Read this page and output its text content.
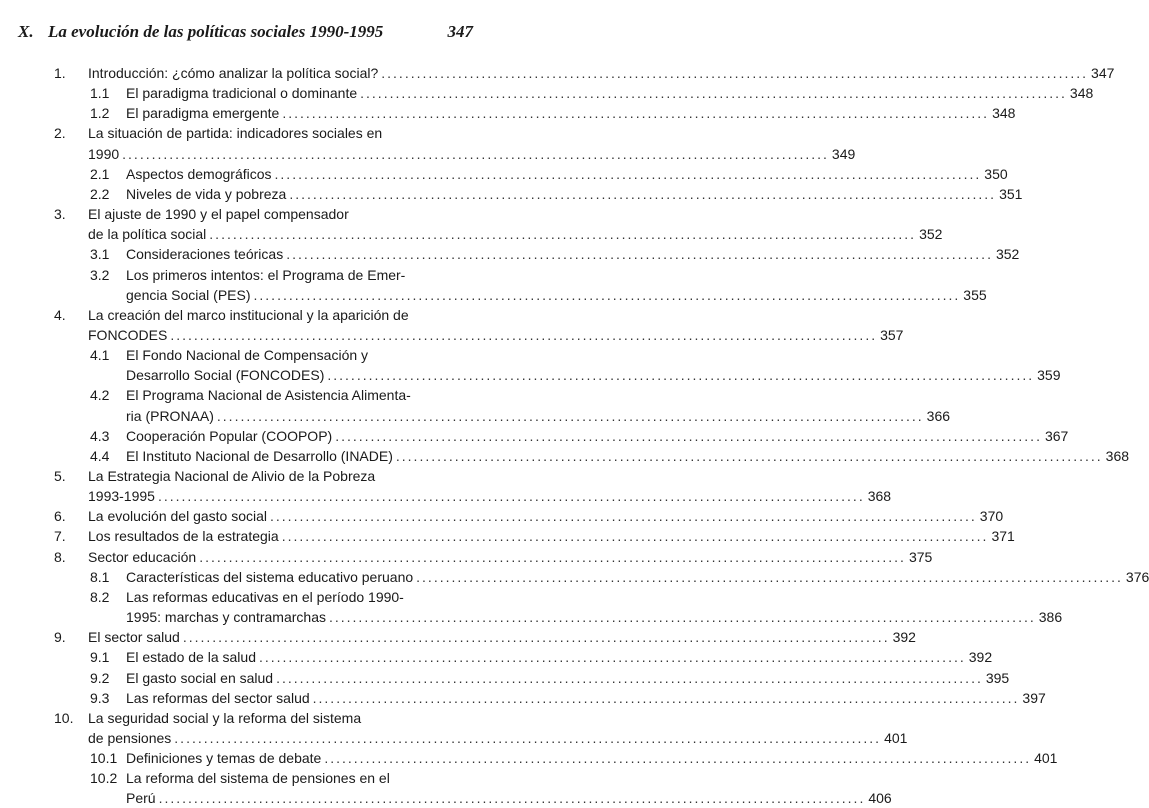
X. La evolución de las políticas sociales 1990-1995	347
1. Introducción: ¿cómo analizar la política social? ........................................................................................................................ 347
1.1 El paradigma tradicional o dominante ........................................................................................................................ 348
1.2 El paradigma emergente ........................................................................................................................ 348
2. La situación de partida: indicadores sociales en
1990 ........................................................................................................................ 349
2.1 Aspectos demográficos ........................................................................................................................ 350
2.2 Niveles de vida y pobreza ........................................................................................................................ 351
3. El ajuste de 1990 y el papel compensador
de la política social ........................................................................................................................ 352
3.1 Consideraciones teóricas ........................................................................................................................ 352
3.2 Los primeros intentos: el Programa de Emer-
gencia Social (PES) ........................................................................................................................ 355
4. La creación del marco institucional y la aparición de
FONCODES ........................................................................................................................ 357
4.1 El Fondo Nacional de Compensación y
Desarrollo Social (FONCODES) ........................................................................................................................ 359
4.2 El Programa Nacional de Asistencia Alimenta-
ria (PRONAA) ........................................................................................................................ 366
4.3 Cooperación Popular (COOPOP) ........................................................................................................................ 367
4.4 El Instituto Nacional de Desarrollo (INADE) ........................................................................................................................ 368
5. La Estrategia Nacional de Alivio de la Pobreza
1993-1995 ........................................................................................................................ 368
6. La evolución del gasto social ........................................................................................................................ 370
7. Los resultados de la estrategia ........................................................................................................................ 371
8. Sector educación ........................................................................................................................ 375
8.1 Características del sistema educativo peruano ........................................................................................................................ 376
8.2 Las reformas educativas en el período 1990-
1995: marchas y contramarchas ........................................................................................................................ 386
9. El sector salud ........................................................................................................................ 392
9.1 El estado de la salud ........................................................................................................................ 392
9.2 El gasto social en salud ........................................................................................................................ 395
9.3 Las reformas del sector salud ........................................................................................................................ 397
10. La seguridad social y la reforma del sistema
de pensiones ........................................................................................................................ 401
10.1 Definiciones y temas de debate ........................................................................................................................ 401
10.2 La reforma del sistema de pensiones en el
Perú ........................................................................................................................ 406
